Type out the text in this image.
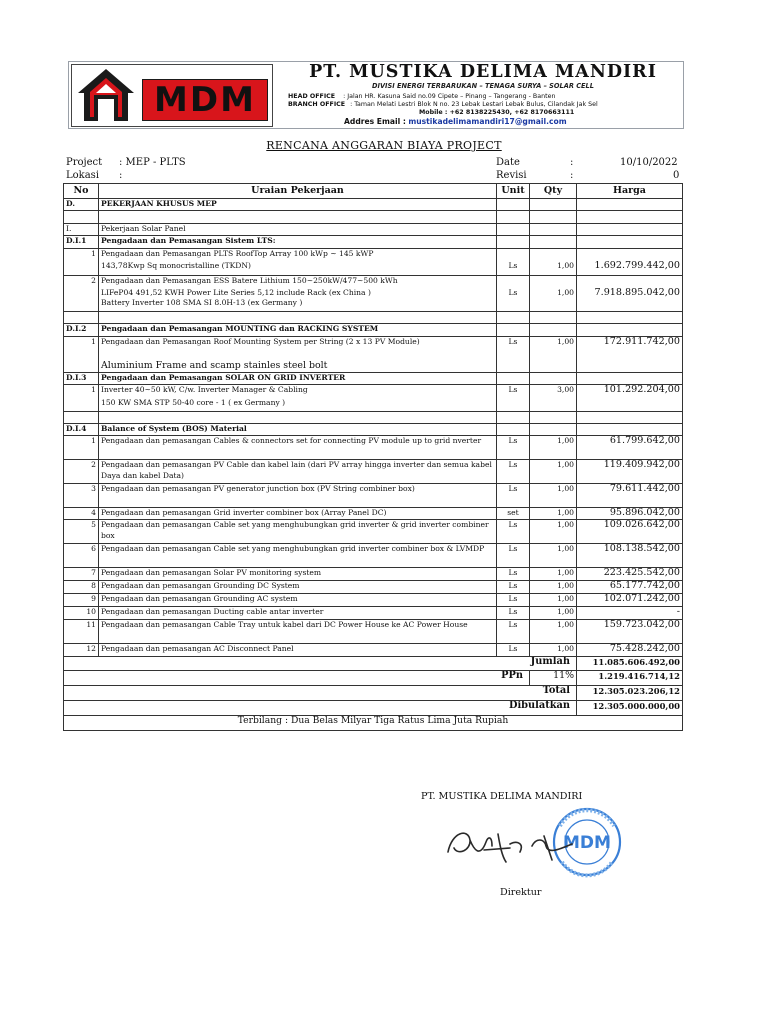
MDM
PT. MUSTIKA DELIMA MANDIRI
DIVISI ENERGI TERBARUKAN – TENAGA SURYA – SOLAR CELL
HEAD OFFICE : Jalan HR. Kasuna Said no.09 Cipete – Pinang – Tangerang - Banten
BRANCH OFFICE : Taman Melati Lestri Blok N no. 23 Lebak Lestari Lebak Bulus, Cilandak Jak Sel
Mobile : +62 8138225430, +62 8170663111
Addres Email : mustikadelimamandiri17@gmail.com
RENCANA ANGGARAN BIAYA PROJECT
Project : MEP - PLTS
Lokasi :
Date	:	10/10/2022
Revisi	:	0
No	Uraian Pekerjaan	Unit	Qty	Harga
D.	PEKERJAAN KHUSUS MEP			

I.	Pekerjaan Solar Panel			
D.I.1	Pengadaan dan Pemasangan Sistem LTS:			
1	Pengadaan dan Pemasangan PLTS RoofTop Array 100 kWp ~ 145 kWP			
	143,78Kwp Sq monocristalline (TKDN)	Ls	1,00	1.692.799.442,00
2	Pengadaan dan Pemasangan ESS Batere Lithium 150~250kW/477~500 kWh			

	LIFeP04 491,52 KWH Power Lite Series 5,12 include Rack (ex China )
Battery Inverter 108 SMA SI 8.0H-13 (ex Germany )	Ls	1,00	7.918.895.042,00

D.I.2	Pengadaan dan Pemasangan MOUNTING dan RACKING SYSTEM			
1	Pengadaan dan Pemasangan Roof Mounting System per String (2 x 13 PV Module)	Ls	1,00	172.911.742,00
	Aluminium Frame and scamp stainles steel bolt			
D.I.3	Pengadaan dan Pemasangan SOLAR ON GRID INVERTER			
1	Inverter 40~50 kW, C/w. Inverter Manager & Cabling	Ls	3,00	101.292.204,00
	150 KW SMA STP 50-40 core - 1 ( ex Germany )			

D.I.4	Balance of System (BOS) Material			
1	Pengadaan dan pemasangan Cables & connectors set for connecting PV module up to grid nverter	Ls	1,00	61.799.642,00
2	Pengadaan dan pemasangan PV Cable dan kabel lain (dari PV array hingga inverter dan semua kabel Daya dan kabel Data)	Ls	1,00	119.409.942,00
3	Pengadaan dan pemasangan PV generator junction box (PV String combiner box)	Ls	1,00	79.611.442,00
4	Pengadaan dan pemasangan Grid inverter combiner box (Array Panel DC)	set	1,00	95.896.042,00
5	Pengadaan dan pemasangan Cable set yang menghubungkan grid inverter & grid inverter combiner box	Ls	1,00	109.026.642,00
6	Pengadaan dan pemasangan Cable set yang menghubungkan grid inverter combiner box & LVMDP	Ls	1,00	108.138.542,00
7	Pengadaan dan pemasangan Solar PV monitoring system	Ls	1,00	223.425.542,00
8	Pengadaan dan pemasangan Grounding DC System	Ls	1,00	65.177.742,00
9	Pengadaan dan pemasangan Grounding AC system	Ls	1,00	102.071.242,00
10	Pengadaan dan pemasangan Ducting cable antar inverter	Ls	1,00	-
11	Pengadaan dan pemasangan Cable Tray untuk kabel dari DC Power House ke AC Power House	Ls	1,00	159.723.042,00
12	Pengadaan dan pemasangan AC Disconnect Panel	Ls	1,00	75.428.242,00
Jumlah				11.085.606.492,00
PPn			11%	1.219.416.714,12
Total				12.305.023.206,12
Dibulatkan				12.305.000.000,00
Terbilang : Dua Belas Milyar Tiga Ratus Lima Juta Rupiah				
PT. MUSTIKA DELIMA MANDIRI
MDM
Direktur
